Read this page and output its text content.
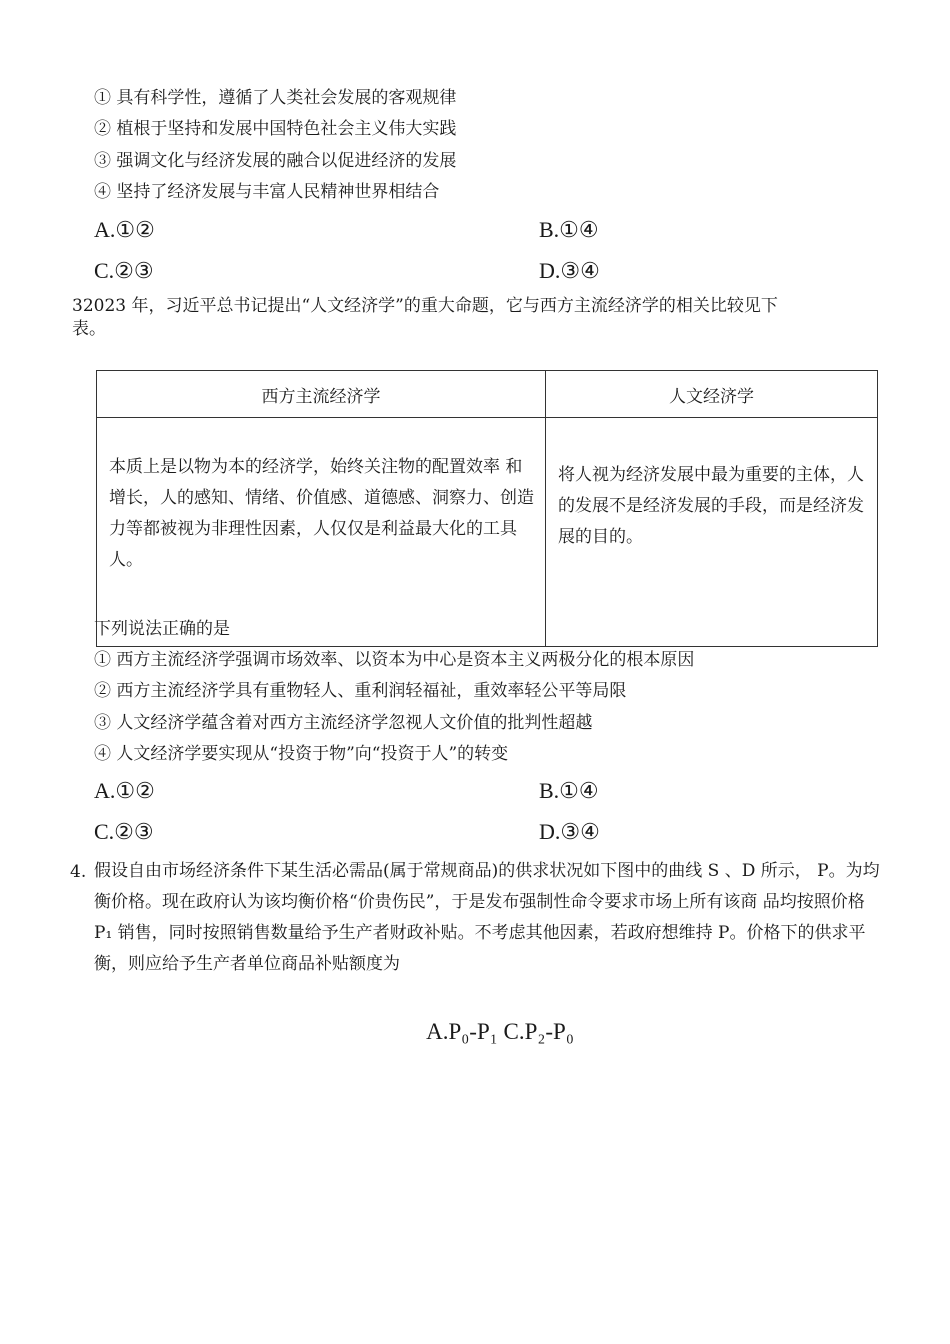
① 具有科学性，遵循了人类社会发展的客观规律
② 植根于坚持和发展中国特色社会主义伟大实践
③ 强调文化与经济发展的融合以促进经济的发展
④ 坚持了经济发展与丰富人民精神世界相结合
A.①②	B.①④
C.②③	D.③④
32023 年，习近平总书记提出“人文经济学”的重大命题，它与西方主流经济学的相关比较见下
表。
西方主流经济学	人文经济学
本质上是以物为本的经济学，始终关注物的配置效率 和增长，人的感知、情绪、价值感、道德感、洞察力、创造力等都被视为非理性因素，人仅仅是利益最大化的工具人。	将人视为经济发展中最为重要的主体，人的发展不是经济发展的手段，而是经济发展的目的。
下列说法正确的是
① 西方主流经济学强调市场效率、以资本为中心是资本主义两极分化的根本原因
② 西方主流经济学具有重物轻人、重利润轻福祉，重效率轻公平等局限
③ 人文经济学蕴含着对西方主流经济学忽视人文价值的批判性超越
④ 人文经济学要实现从“投资于物”向“投资于人”的转变
A.①②	B.①④
C.②③	D.③④
4. 假设自由市场经济条件下某生活必需品(属于常规商品)的供求状况如下图中的曲线 S 、D 所示， P。为均衡价格。现在政府认为该均衡价格“价贵伤民”，于是发布强制性命令要求市场上所有该商 品均按照价格 P₁ 销售，同时按照销售数量给予生产者财政补贴。不考虑其他因素，若政府想维持 P。价格下的供求平衡，则应给予生产者单位商品补贴额度为
A.P₀-P₁ C.P₂-P₀
